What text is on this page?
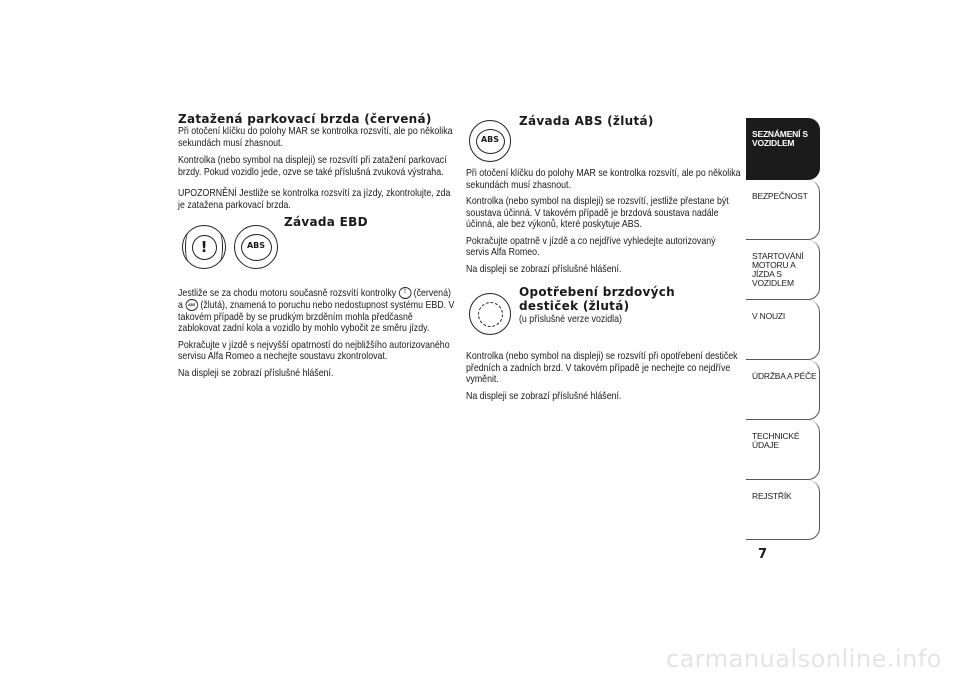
Zatažená parkovací brzda (červená)

Při otočení klíčku do polohy MAR se kontrolka rozsvítí, ale po několika sekundách musí zhasnout.

Kontrolka (nebo symbol na displeji) se rozsvítí při zatažení parkovací brzdy. Pokud vozidlo jede, ozve se také příslušná zvuková výstraha.

UPOZORNĚNÍ Jestliže se kontrolka rozsvítí za jízdy, zkontrolujte, zda je zatažena parkovací brzda.

!	ABS
Závada EBD

Jestliže se za chodu motoru současně rozsvítí kontrolky ! (červená) a ABS (žlutá), znamená to poruchu nebo nedostupnost systému EBD. V takovém případě by se prudkým brzděním mohla předčasně zablokovat zadní kola a vozidlo by mohlo vybočit ze směru jízdy.

Pokračujte v jízdě s nejvyšší opatrností do nejbližšího autorizovaného servisu Alfa Romeo a nechejte soustavu zkontrolovat.

Na displeji se zobrazí příslušné hlášení.

ABS
Závada ABS (žlutá)

Při otočení klíčku do polohy MAR se kontrolka rozsvítí, ale po několika sekundách musí zhasnout.

Kontrolka (nebo symbol na displeji) se rozsvítí, jestliže přestane být soustava účinná. V takovém případě je brzdová soustava nadále účinná, ale bez výkonů, které poskytuje ABS.

Pokračujte opatrně v jízdě a co nejdříve vyhledejte autorizovaný servis Alfa Romeo.

Na displeji se zobrazí příslušné hlášení.

Opotřebení brzdových
destiček (žlutá)

(u příslušné verze vozidla)

Kontrolka (nebo symbol na displeji) se rozsvítí při opotřebení destiček předních a zadních brzd. V takovém případě je nechejte co nejdříve vyměnit.

Na displeji se zobrazí příslušné hlášení.

SEZNÁMENÍ S VOZIDLEM
BEZPEČNOST
STARTOVÁNÍ MOTORU A JÍZDA S VOZIDLEM
V NOUZI
ÚDRŽBA A PÉČE
TECHNICKÉ ÚDAJE
REJSTŘÍK
7
carmanualsonline.info
